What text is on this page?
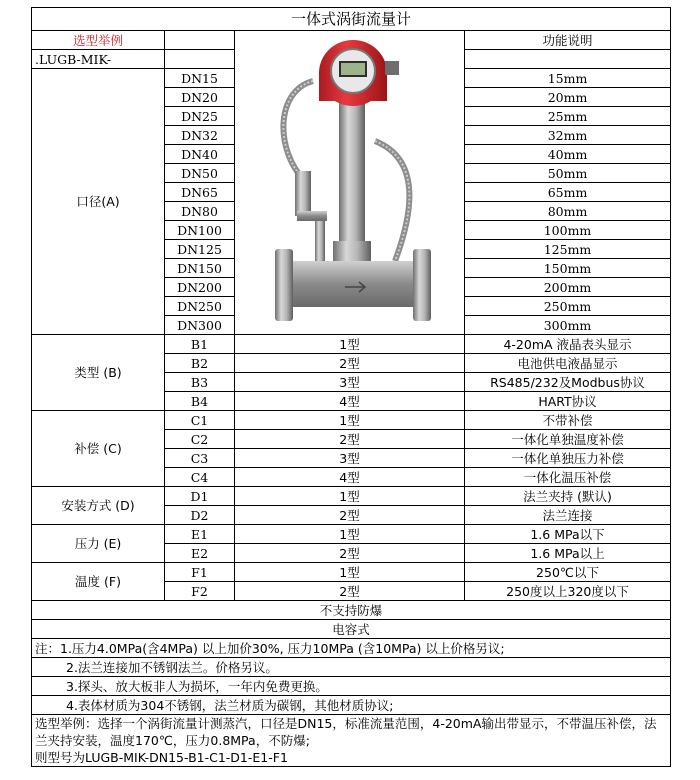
一体式涡街流量计			
选型举例			功能说明
.LUGB-MIK-			
口径(A)	DN15		15mm
	DN20		20mm
	DN25		25mm
	DN32		32mm
	DN40		40mm
	DN50		50mm
	DN65		65mm
	DN80		80mm
	DN100		100mm
	DN125		125mm
	DN150		150mm
	DN200		200mm
	DN250		250mm
	DN300		300mm
类型 (B)	B1	1型	4-20mA 液晶表头显示
	B2	2型	电池供电液晶显示
	B3	3型	RS485/232及Modbus协议
	B4	4型	HART协议
补偿 (C)	C1	1型	不带补偿
	C2	2型	一体化单独温度补偿
	C3	3型	一体化单独压力补偿
	C4	4型	一体化温压补偿
安装方式 (D)	D1	1型	法兰夹持 (默认)
	D2	2型	法兰连接
压力 (E)	E1	1型	1.6 MPa以下
	E2	2型	1.6 MPa以上
温度 (F)	F1	1型	250℃以下
	F2	2型	250度以上320度以下
不支持防爆			
电容式			
注：1.压力4.0MPa(含4MPa) 以上加价30%, 压力10MPa (含10MPa) 以上价格另议;			
2.法兰连接加不锈钢法兰。价格另议。			
3.探头、放大板非人为损坏，一年内免费更换。			
4.表体材质为304不锈钢，法兰材质为碳钢，其他材质协议;			

选型举例：选择一个涡街流量计测蒸汽，口径是DN15，标准流量范围，4-20mA输出带显示，不带温压补偿，法兰夹持安装，温度170℃，压力0.8MPa，不防爆;
则型号为LUGB-MIK-DN15-B1-C1-D1-E1-F1			
